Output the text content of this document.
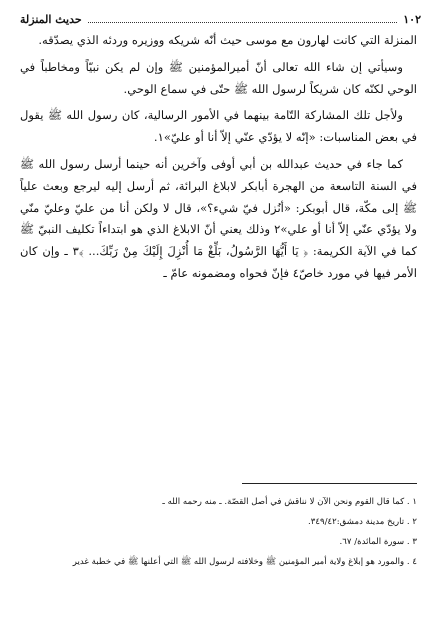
١٠٢
حديث المنزلة

المنزلة التي كانت لهارون مع موسى حيث أنّه شريكه ووزيره وردئه الذي يصدّقه.

وسيأتي إن شاء الله تعالى أنّ أميرالمؤمنين ﷺ وإن لم يكن نبيّاً ومخاطباً في الوحي لكنّه كان شريكاً لرسول الله ﷺ حتّى في سماع الوحي.

ولأجل تلك المشاركة التّامة بينهما في الأمور الرسالية، كان رسول الله ﷺ يقول في بعض المناسبات: «إنّه لا يؤدّي عنّي إلاّ أنا أو عليّ»١.

كما جاء في حديث عبدالله بن أبي أوفى وآخرين أنه حينما أرسل رسول الله ﷺ في السنة التاسعة من الهجرة أبابكر لابلاغ البرائة، ثم أرسل إليه ليرجع وبعث علياً ﷺ إلى مكّة، قال أبوبكر: «أنُزل فيّ شيء؟»، قال لا ولكن أنا من عليّ وعليّ منّي ولا يؤدّي عنّي إلاّ أنا أو علي»٢ وذلك يعني أنّ الابلاغ الذي هو ابتداءاً تكليف النبيّ ﷺ كما في الآية الكريمة: ﴿ يَا أَيُّهَا الرَّسُولُ، بَلِّغْ مَا أُنْزِلَ إِلَيْكَ مِنْ رَبِّكَ... ﴾٣ ـ وإن كان الأمر فيها في مورد خاصّ٤ فإنّ فحواه ومضمونه عامّ ـ

١ . كما قال القوم ونحن الآن لا نناقش في أصل القصّة. ـ منه رحمه الله ـ

٢ . تاريخ مدينة دمشق:٣٤٩/٤٢.

٣ . سورة المائدة/ ٦٧.

٤ . والمورد هو إبلاغ ولاية أمير المؤمنين ﷺ وخلافته لرسول الله ﷺ التي أعلنها ﷺ في خطبة غدير
